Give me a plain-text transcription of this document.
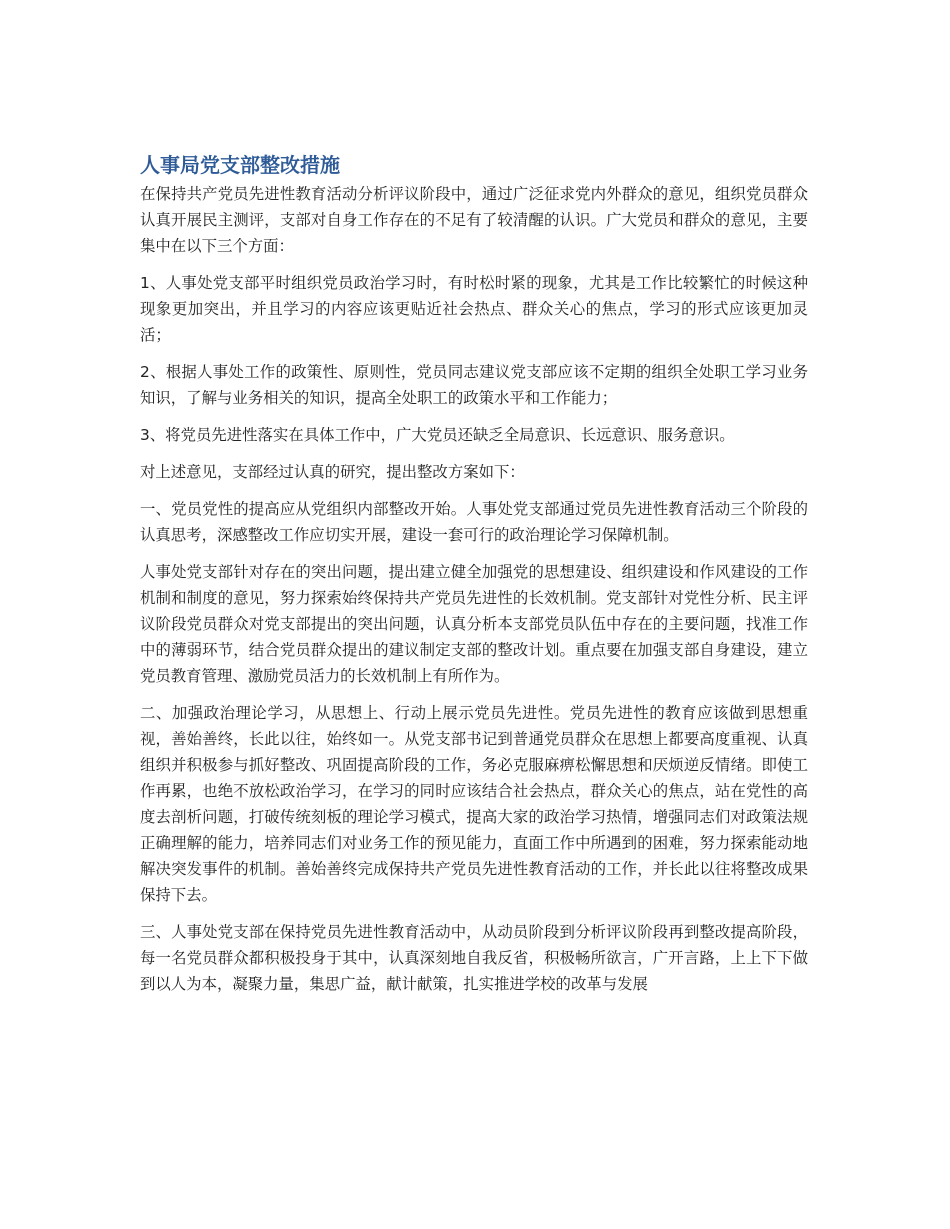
人事局党支部整改措施

在保持共产党员先进性教育活动分析评议阶段中，通过广泛征求党内外群众的意见，组织党员群众认真开展民主测评，支部对自身工作存在的不足有了较清醒的认识。广大党员和群众的意见，主要集中在以下三个方面：

1、人事处党支部平时组织党员政治学习时，有时松时紧的现象，尤其是工作比较繁忙的时候这种现象更加突出，并且学习的内容应该更贴近社会热点、群众关心的焦点，学习的形式应该更加灵活；

2、根据人事处工作的政策性、原则性，党员同志建议党支部应该不定期的组织全处职工学习业务知识，了解与业务相关的知识，提高全处职工的政策水平和工作能力；

3、将党员先进性落实在具体工作中，广大党员还缺乏全局意识、长远意识、服务意识。

对上述意见，支部经过认真的研究，提出整改方案如下：

一、党员党性的提高应从党组织内部整改开始。人事处党支部通过党员先进性教育活动三个阶段的认真思考，深感整改工作应切实开展，建设一套可行的政治理论学习保障机制。

人事处党支部针对存在的突出问题，提出建立健全加强党的思想建设、组织建设和作风建设的工作机制和制度的意见，努力探索始终保持共产党员先进性的长效机制。党支部针对党性分析、民主评议阶段党员群众对党支部提出的突出问题，认真分析本支部党员队伍中存在的主要问题，找准工作中的薄弱环节，结合党员群众提出的建议制定支部的整改计划。重点要在加强支部自身建设，建立党员教育管理、激励党员活力的长效机制上有所作为。

二、加强政治理论学习，从思想上、行动上展示党员先进性。党员先进性的教育应该做到思想重视，善始善终，长此以往，始终如一。从党支部书记到普通党员群众在思想上都要高度重视、认真组织并积极参与抓好整改、巩固提高阶段的工作，务必克服麻痹松懈思想和厌烦逆反情绪。即使工作再累，也绝不放松政治学习，在学习的同时应该结合社会热点，群众关心的焦点，站在党性的高度去剖析问题，打破传统刻板的理论学习模式，提高大家的政治学习热情，增强同志们对政策法规正确理解的能力，培养同志们对业务工作的预见能力，直面工作中所遇到的困难，努力探索能动地解决突发事件的机制。善始善终完成保持共产党员先进性教育活动的工作，并长此以往将整改成果保持下去。

三、人事处党支部在保持党员先进性教育活动中，从动员阶段到分析评议阶段再到整改提高阶段，每一名党员群众都积极投身于其中，认真深刻地自我反省，积极畅所欲言，广开言路，上上下下做到以人为本，凝聚力量，集思广益，献计献策，扎实推进学校的改革与发展
